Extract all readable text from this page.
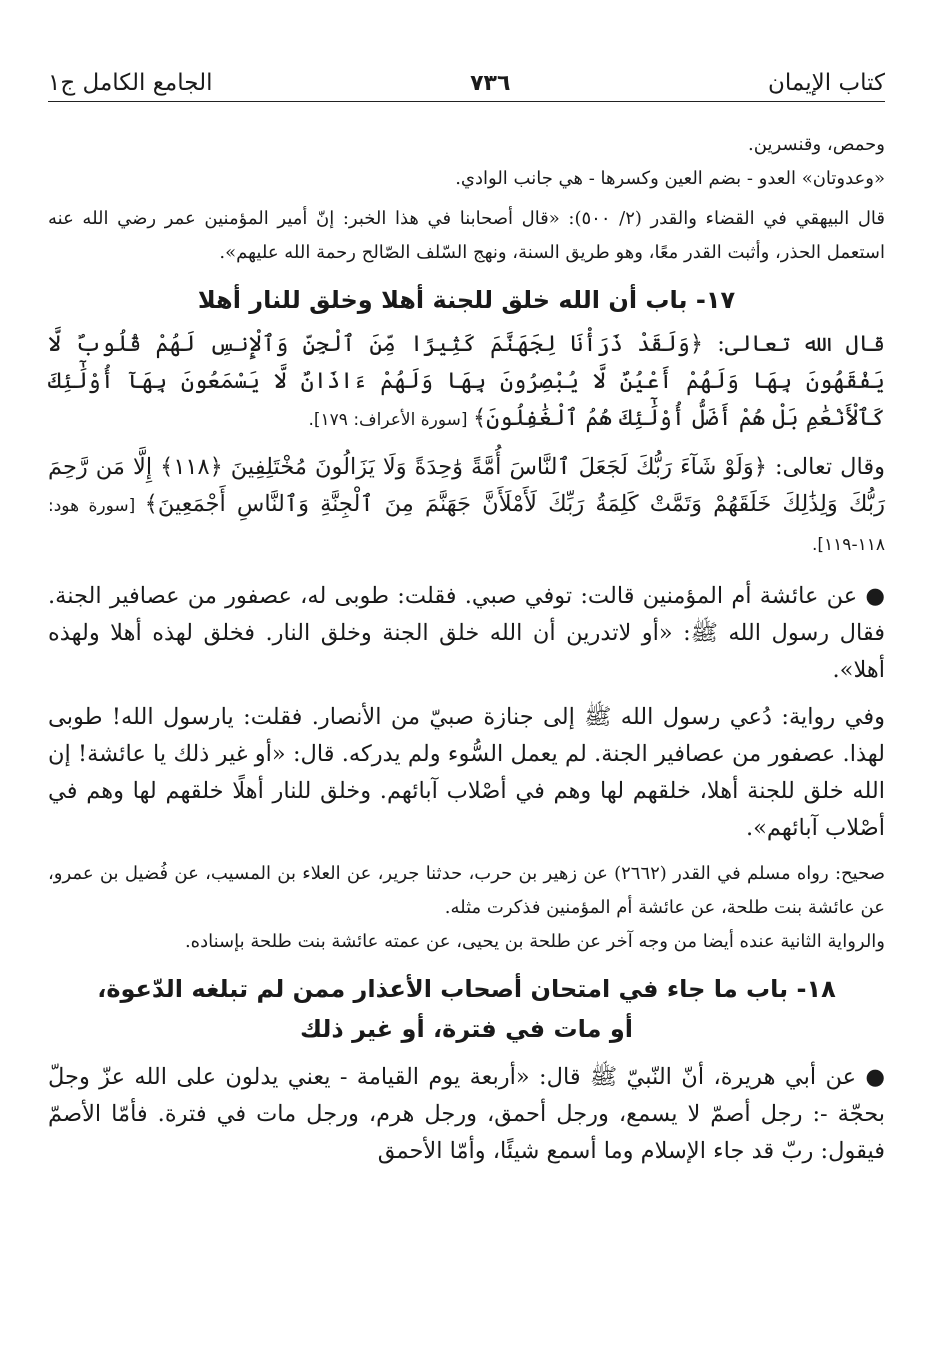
كتاب الإيمان
٧٣٦
الجامع الكامل ج١

وحمص، وقنسرين.

«وعدوتان» العدو - بضم العين وكسرها - هي جانب الوادي.

قال البيهقي في القضاء والقدر (٢/ ٥٠٠): «قال أصحابنا في هذا الخبر: إنّ أمير المؤمنين عمر رضي الله عنه استعمل الحذر، وأثبت القدر معًا، وهو طريق السنة، ونهج السّلف الصّالح رحمة الله عليهم».

١٧- باب أن الله خلق للجنة أهلا وخلق للنار أهلا

قال الله تعالى: ﴿وَلَقَدْ ذَرَأْنَا لِجَهَنَّمَ كَثِيرًا مِّنَ ٱلْجِنِّ وَٱلْإِنسِ لَهُمْ قُلُوبٌ لَّا يَفْقَهُونَ بِهَا وَلَهُمْ أَعْيُنٌ لَّا يُبْصِرُونَ بِهَا وَلَهُمْ ءَاذَانٌ لَّا يَسْمَعُونَ بِهَآ أُوْلَٰٓئِكَ كَٱلْأَنْعَٰمِ بَلْ هُمْ أَضَلُّ أُوْلَٰٓئِكَ هُمُ ٱلْغَٰفِلُونَ﴾ [سورة الأعراف: ١٧٩].

وقال تعالى: ﴿وَلَوْ شَآءَ رَبُّكَ لَجَعَلَ ٱلنَّاسَ أُمَّةً وَٰحِدَةً وَلَا يَزَالُونَ مُخْتَلِفِينَ ﴿١١٨﴾ إِلَّا مَن رَّحِمَ رَبُّكَ وَلِذَٰلِكَ خَلَقَهُمْ وَتَمَّتْ كَلِمَةُ رَبِّكَ لَأَمْلَأَنَّ جَهَنَّمَ مِنَ ٱلْجِنَّةِ وَٱلنَّاسِ أَجْمَعِينَ﴾ [سورة هود: ١١٨-١١٩].

● عن عائشة أم المؤمنين قالت: توفي صبي. فقلت: طوبى له، عصفور من عصافير الجنة. فقال رسول الله ﷺ: «أو لاتدرين أن الله خلق الجنة وخلق النار. فخلق لهذه أهلا ولهذه أهلا».

وفي رواية: دُعي رسول الله ﷺ إلى جنازة صبيّ من الأنصار. فقلت: يارسول الله! طوبى لهذا. عصفور من عصافير الجنة. لم يعمل السُّوء ولم يدركه. قال: «أو غير ذلك يا عائشة! إن الله خلق للجنة أهلا، خلقهم لها وهم في أصْلاب آبائهم. وخلق للنار أهلًا خلقهم لها وهم في أصْلاب آبائهم».

صحيح: رواه مسلم في القدر (٢٦٦٢) عن زهير بن حرب، حدثنا جرير، عن العلاء بن المسيب، عن فُضيل بن عمرو، عن عائشة بنت طلحة، عن عائشة أم المؤمنين فذكرت مثله.

والرواية الثانية عنده أيضا من وجه آخر عن طلحة بن يحيى، عن عمته عائشة بنت طلحة بإسناده.

١٨- باب ما جاء في امتحان أصحاب الأعذار ممن لم تبلغه الدّعوة،

أو مات في فترة، أو غير ذلك

● عن أبي هريرة، أنّ النّبيّ ﷺ قال: «أربعة يوم القيامة - يعني يدلون على الله عزّ وجلّ بحجّة -: رجل أصمّ لا يسمع، ورجل أحمق، ورجل هرم، ورجل مات في فترة. فأمّا الأصمّ فيقول: ربّ قد جاء الإسلام وما أسمع شيئًا، وأمّا الأحمق
